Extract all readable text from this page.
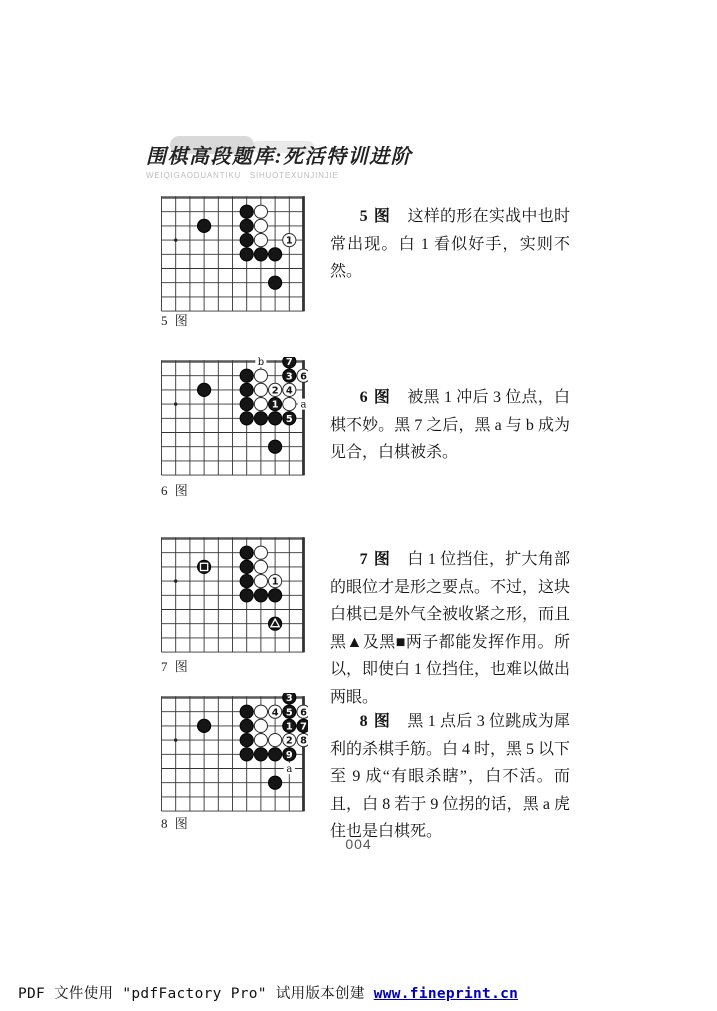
围棋高段题库:死活特训进阶
WEIQIGAODUANTIKU　SIHUOTEXUNJINJIE
1
5 图

5 图 这样的形在实战中也时常出现。白 1 看似好手，实则不然。

1
2
3
4
5
6
7
a
b
6 图

6 图 被黑 1 冲后 3 位点，白棋不妙。黑 7 之后，黑 a 与 b 成为见合，白棋被杀。

1
7 图

7 图 白 1 位挡住，扩大角部的眼位才是形之要点。不过，这块白棋已是外气全被收紧之形，而且黑▲及黑■两子都能发挥作用。所以，即使白 1 位挡住，也难以做出两眼。

1
2
3
4 5 6
7
8
9
a
8 图

8 图 黑 1 点后 3 位跳成为犀利的杀棋手筋。白 4 时，黑 5 以下至 9 成“有眼杀瞎”，白不活。而且，白 8 若于 9 位拐的话，黑 a 虎住也是白棋死。

004
PDF 文件使用 "pdfFactory Pro" 试用版本创建 www.fineprint.cn
